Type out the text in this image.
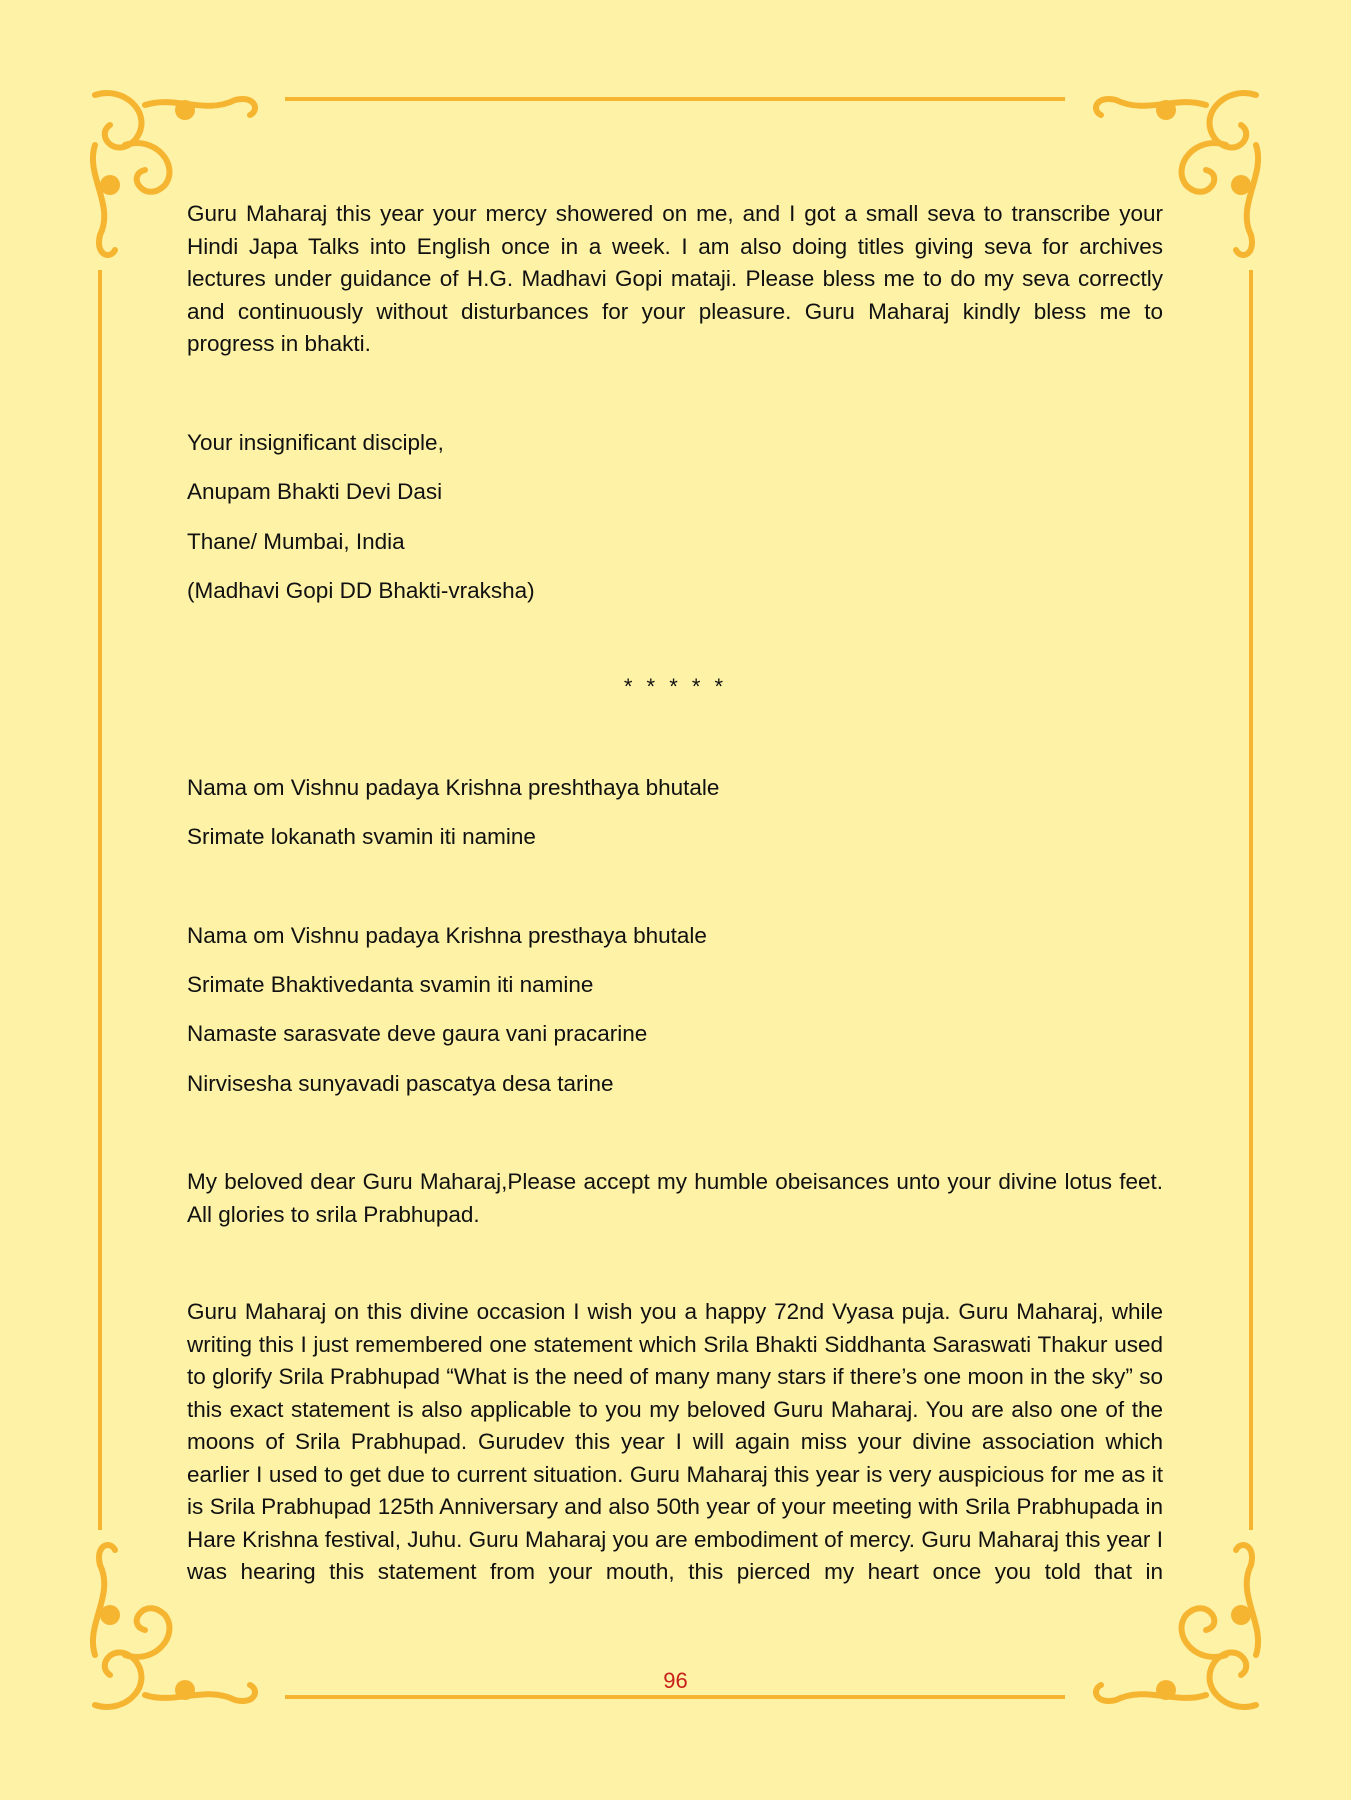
Guru Maharaj this year your mercy showered on me, and I got a small seva to transcribe your Hindi Japa Talks into English once in a week. I am also doing titles giving seva for archives lectures under guidance of H.G. Madhavi Gopi mataji. Please bless me to do my seva correctly and continuously without disturbances for your pleasure. Guru Maharaj kindly bless me to progress in bhakti.

Your insignificant disciple,
Anupam Bhakti Devi Dasi
Thane/ Mumbai, India
(Madhavi Gopi DD Bhakti-vraksha)
* * * * *
Nama om Vishnu padaya Krishna preshthaya bhutale
Srimate lokanath svamin iti namine
Nama om Vishnu padaya Krishna presthaya bhutale
Srimate Bhaktivedanta svamin iti namine
Namaste sarasvate deve gaura vani pracarine
Nirvisesha sunyavadi pascatya desa tarine

My beloved dear Guru Maharaj,Please accept my humble obeisances unto your divine lotus feet. All glories to srila Prabhupad.

Guru Maharaj on this divine occasion I wish you a happy 72nd Vyasa puja. Guru Maharaj, while writing this I just remembered one statement which Srila Bhakti Siddhanta Saraswati Thakur used to glorify Srila Prabhupad “What is the need of many many stars if there’s one moon in the sky” so this exact statement is also applicable to you my beloved Guru Maharaj. You are also one of the moons of Srila Prabhupad. Gurudev this year I will again miss your divine association which earlier I used to get due to current situation. Guru Maharaj this year is very auspicious for me as it is Srila Prabhupad 125th Anniversary and also 50th year of your meeting with Srila Prabhupada in Hare Krishna festival, Juhu. Guru Maharaj you are embodiment of mercy. Guru Maharaj this year I was hearing this statement from your mouth, this pierced my heart once you told that in

96
